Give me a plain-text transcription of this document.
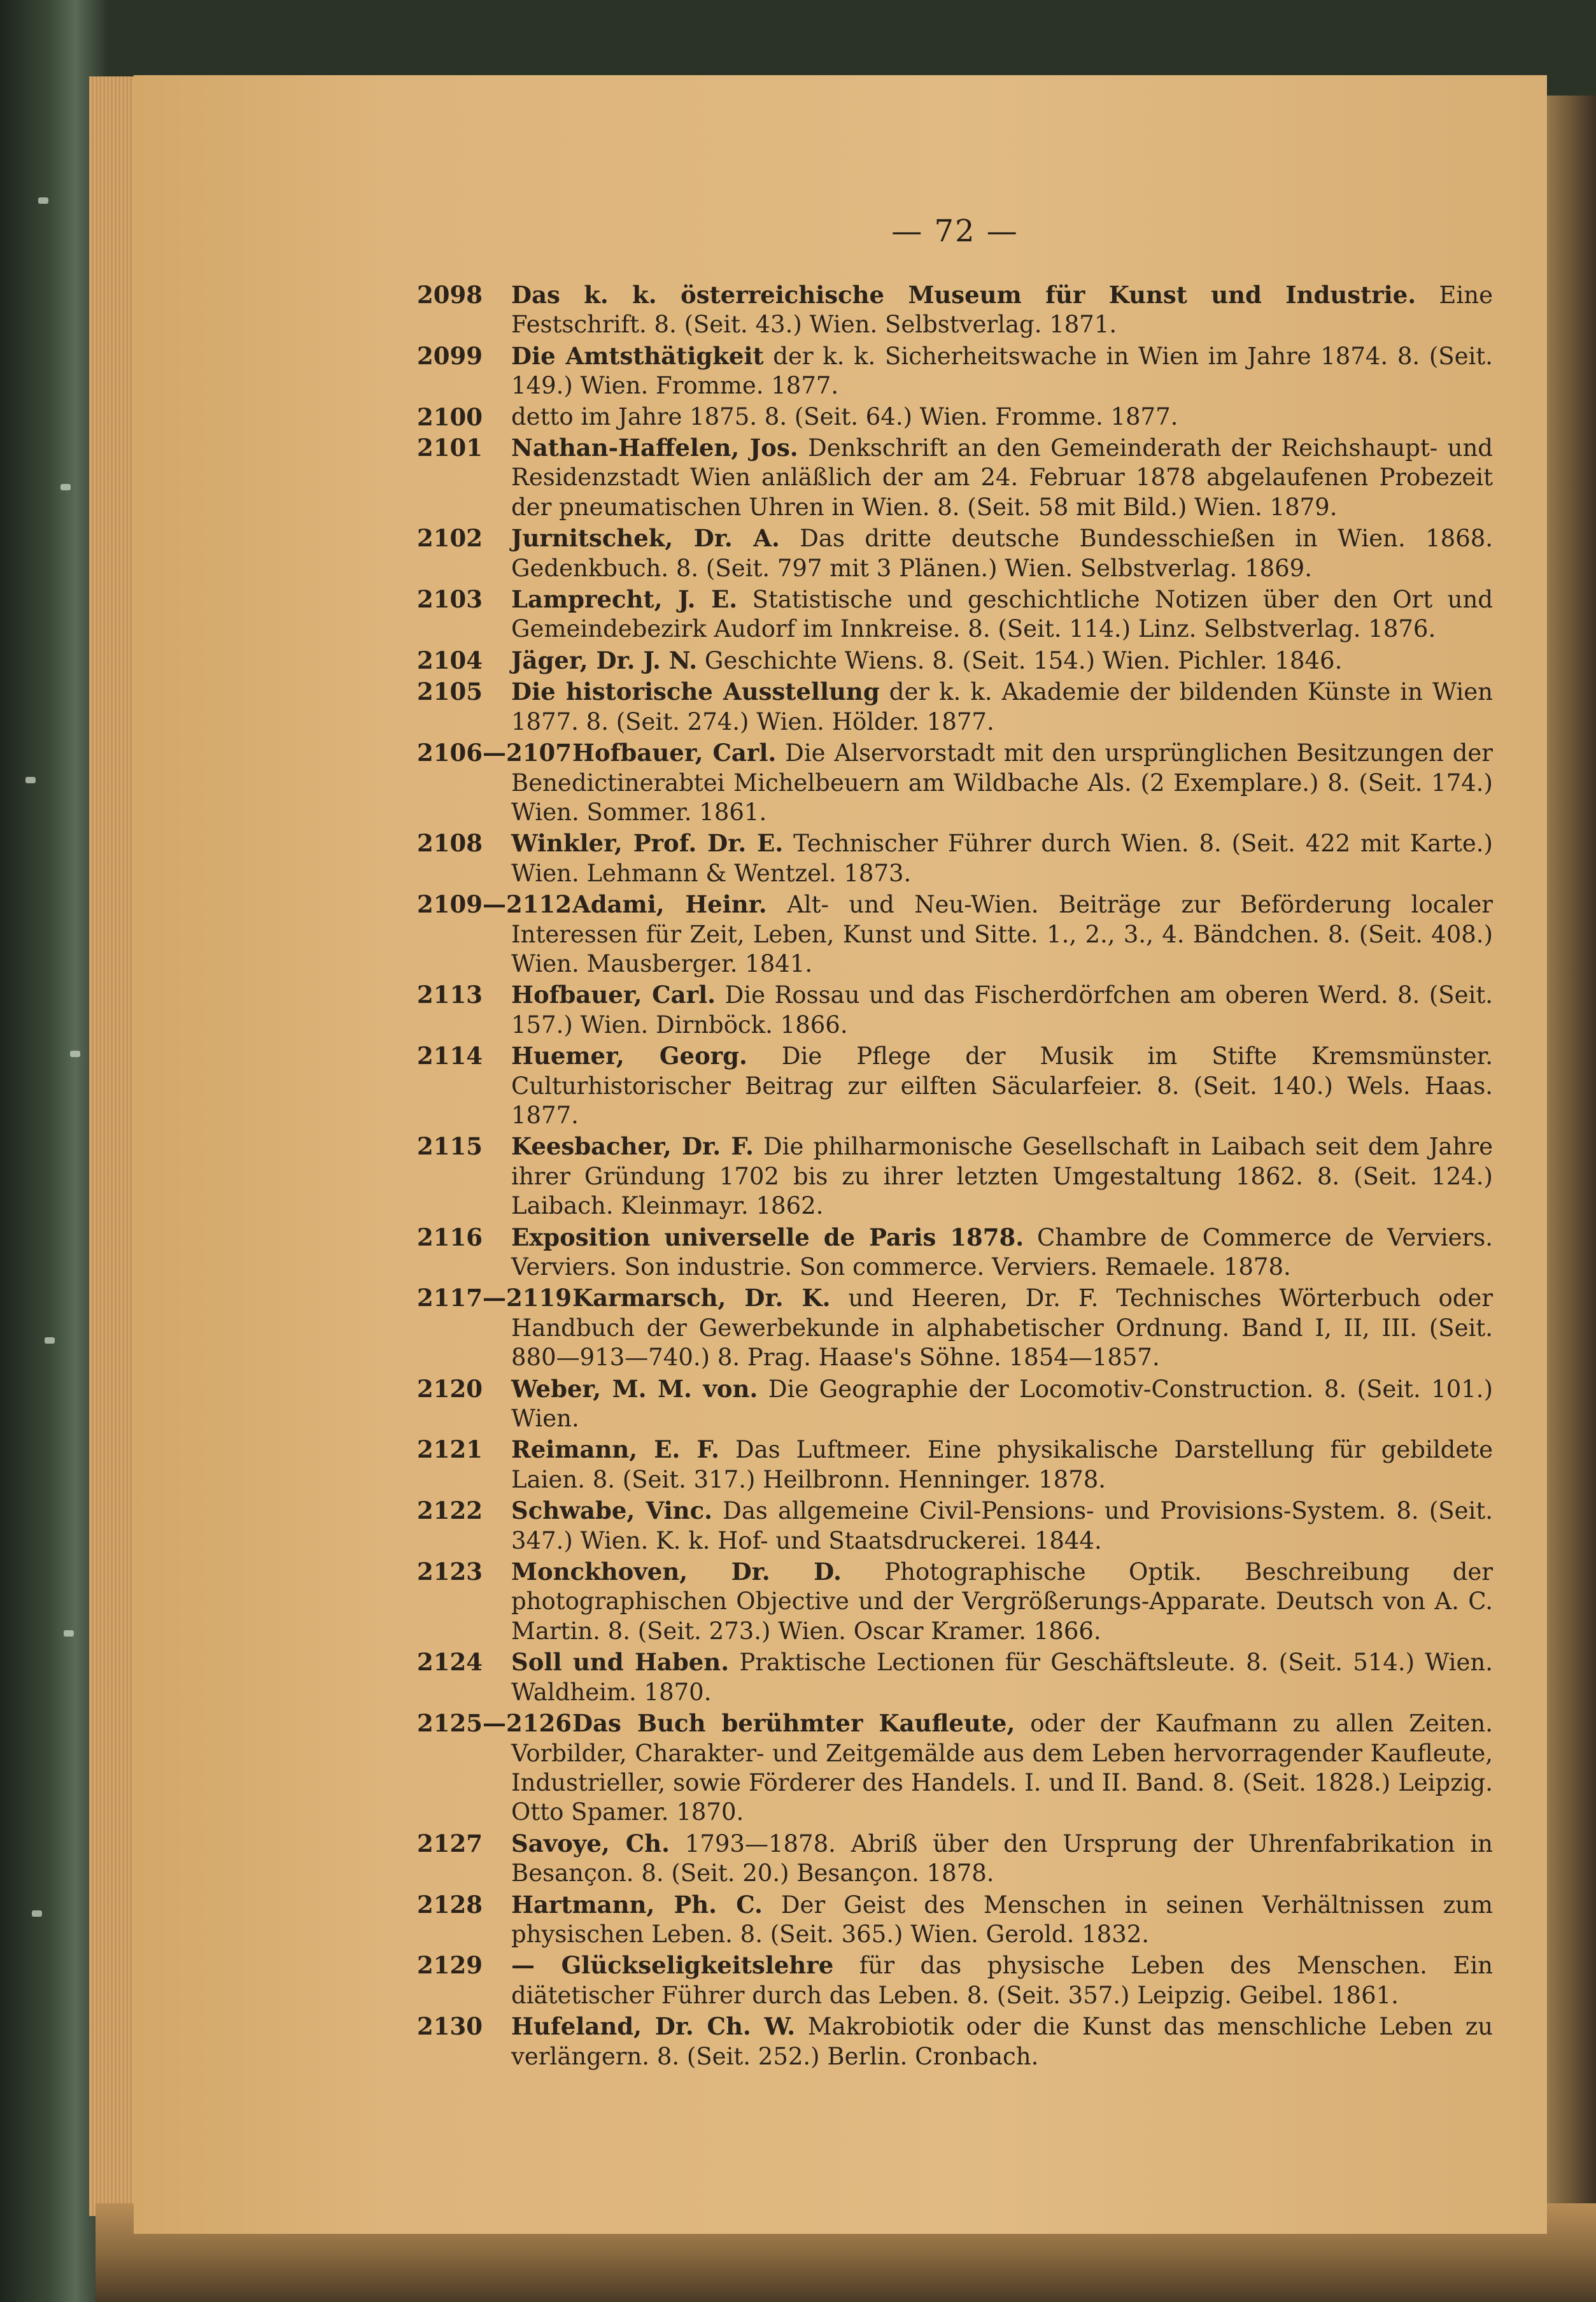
— 72 —
2098 Das k. k. österreichische Museum für Kunst und Industrie. Eine Festschrift. 8. (Seit. 43.) Wien. Selbstverlag. 1871.
2099 Die Amtsthätigkeit der k. k. Sicherheitswache in Wien im Jahre 1874. 8. (Seit. 149.) Wien. Fromme. 1877.
2100 detto im Jahre 1875. 8. (Seit. 64.) Wien. Fromme. 1877.
2101 Nathan-Haffelen, Jos. Denkschrift an den Gemeinderath der Reichshaupt- und Residenzstadt Wien anläßlich der am 24. Februar 1878 abgelaufenen Probezeit der pneumatischen Uhren in Wien. 8. (Seit. 58 mit Bild.) Wien. 1879.
2102 Jurnitschek, Dr. A. Das dritte deutsche Bundesschießen in Wien. 1868. Gedenkbuch. 8. (Seit. 797 mit 3 Plänen.) Wien. Selbstverlag. 1869.
2103 Lamprecht, J. E. Statistische und geschichtliche Notizen über den Ort und Gemeindebezirk Audorf im Innkreise. 8. (Seit. 114.) Linz. Selbstverlag. 1876.
2104 Jäger, Dr. J. N. Geschichte Wiens. 8. (Seit. 154.) Wien. Pichler. 1846.
2105 Die historische Ausstellung der k. k. Akademie der bildenden Künste in Wien 1877. 8. (Seit. 274.) Wien. Hölder. 1877.
2106—2107 Hofbauer, Carl. Die Alservorstadt mit den ursprünglichen Besitzungen der Benedictinerabtei Michelbeuern am Wildbache Als. (2 Exemplare.) 8. (Seit. 174.) Wien. Sommer. 1861.
2108 Winkler, Prof. Dr. E. Technischer Führer durch Wien. 8. (Seit. 422 mit Karte.) Wien. Lehmann & Wentzel. 1873.
2109—2112 Adami, Heinr. Alt- und Neu-Wien. Beiträge zur Beförderung localer Interessen für Zeit, Leben, Kunst und Sitte. 1., 2., 3., 4. Bändchen. 8. (Seit. 408.) Wien. Mausberger. 1841.
2113 Hofbauer, Carl. Die Rossau und das Fischerdörfchen am oberen Werd. 8. (Seit. 157.) Wien. Dirnböck. 1866.
2114 Huemer, Georg. Die Pflege der Musik im Stifte Kremsmünster. Culturhistorischer Beitrag zur eilften Säcularfeier. 8. (Seit. 140.) Wels. Haas. 1877.
2115 Keesbacher, Dr. F. Die philharmonische Gesellschaft in Laibach seit dem Jahre ihrer Gründung 1702 bis zu ihrer letzten Umgestaltung 1862. 8. (Seit. 124.) Laibach. Kleinmayr. 1862.
2116 Exposition universelle de Paris 1878. Chambre de Commerce de Verviers. Verviers. Son industrie. Son commerce. Verviers. Remaele. 1878.
2117—2119 Karmarsch, Dr. K. und Heeren, Dr. F. Technisches Wörterbuch oder Handbuch der Gewerbekunde in alphabetischer Ordnung. Band I, II, III. (Seit. 880—913—740.) 8. Prag. Haase's Söhne. 1854—1857.
2120 Weber, M. M. von. Die Geographie der Locomotiv-Construction. 8. (Seit. 101.) Wien.
2121 Reimann, E. F. Das Luftmeer. Eine physikalische Darstellung für gebildete Laien. 8. (Seit. 317.) Heilbronn. Henninger. 1878.
2122 Schwabe, Vinc. Das allgemeine Civil-Pensions- und Provisions-System. 8. (Seit. 347.) Wien. K. k. Hof- und Staatsdruckerei. 1844.
2123 Monckhoven, Dr. D. Photographische Optik. Beschreibung der photographischen Objective und der Vergrößerungs-Apparate. Deutsch von A. C. Martin. 8. (Seit. 273.) Wien. Oscar Kramer. 1866.
2124 Soll und Haben. Praktische Lectionen für Geschäftsleute. 8. (Seit. 514.) Wien. Waldheim. 1870.
2125—2126 Das Buch berühmter Kaufleute, oder der Kaufmann zu allen Zeiten. Vorbilder, Charakter- und Zeitgemälde aus dem Leben hervorragender Kaufleute, Industrieller, sowie Förderer des Handels. I. und II. Band. 8. (Seit. 1828.) Leipzig. Otto Spamer. 1870.
2127 Savoye, Ch. 1793—1878. Abriß über den Ursprung der Uhrenfabrikation in Besançon. 8. (Seit. 20.) Besançon. 1878.
2128 Hartmann, Ph. C. Der Geist des Menschen in seinen Verhältnissen zum physischen Leben. 8. (Seit. 365.) Wien. Gerold. 1832.
2129 — Glückseligkeitslehre für das physische Leben des Menschen. Ein diätetischer Führer durch das Leben. 8. (Seit. 357.) Leipzig. Geibel. 1861.
2130 Hufeland, Dr. Ch. W. Makrobiotik oder die Kunst das menschliche Leben zu verlängern. 8. (Seit. 252.) Berlin. Cronbach.
